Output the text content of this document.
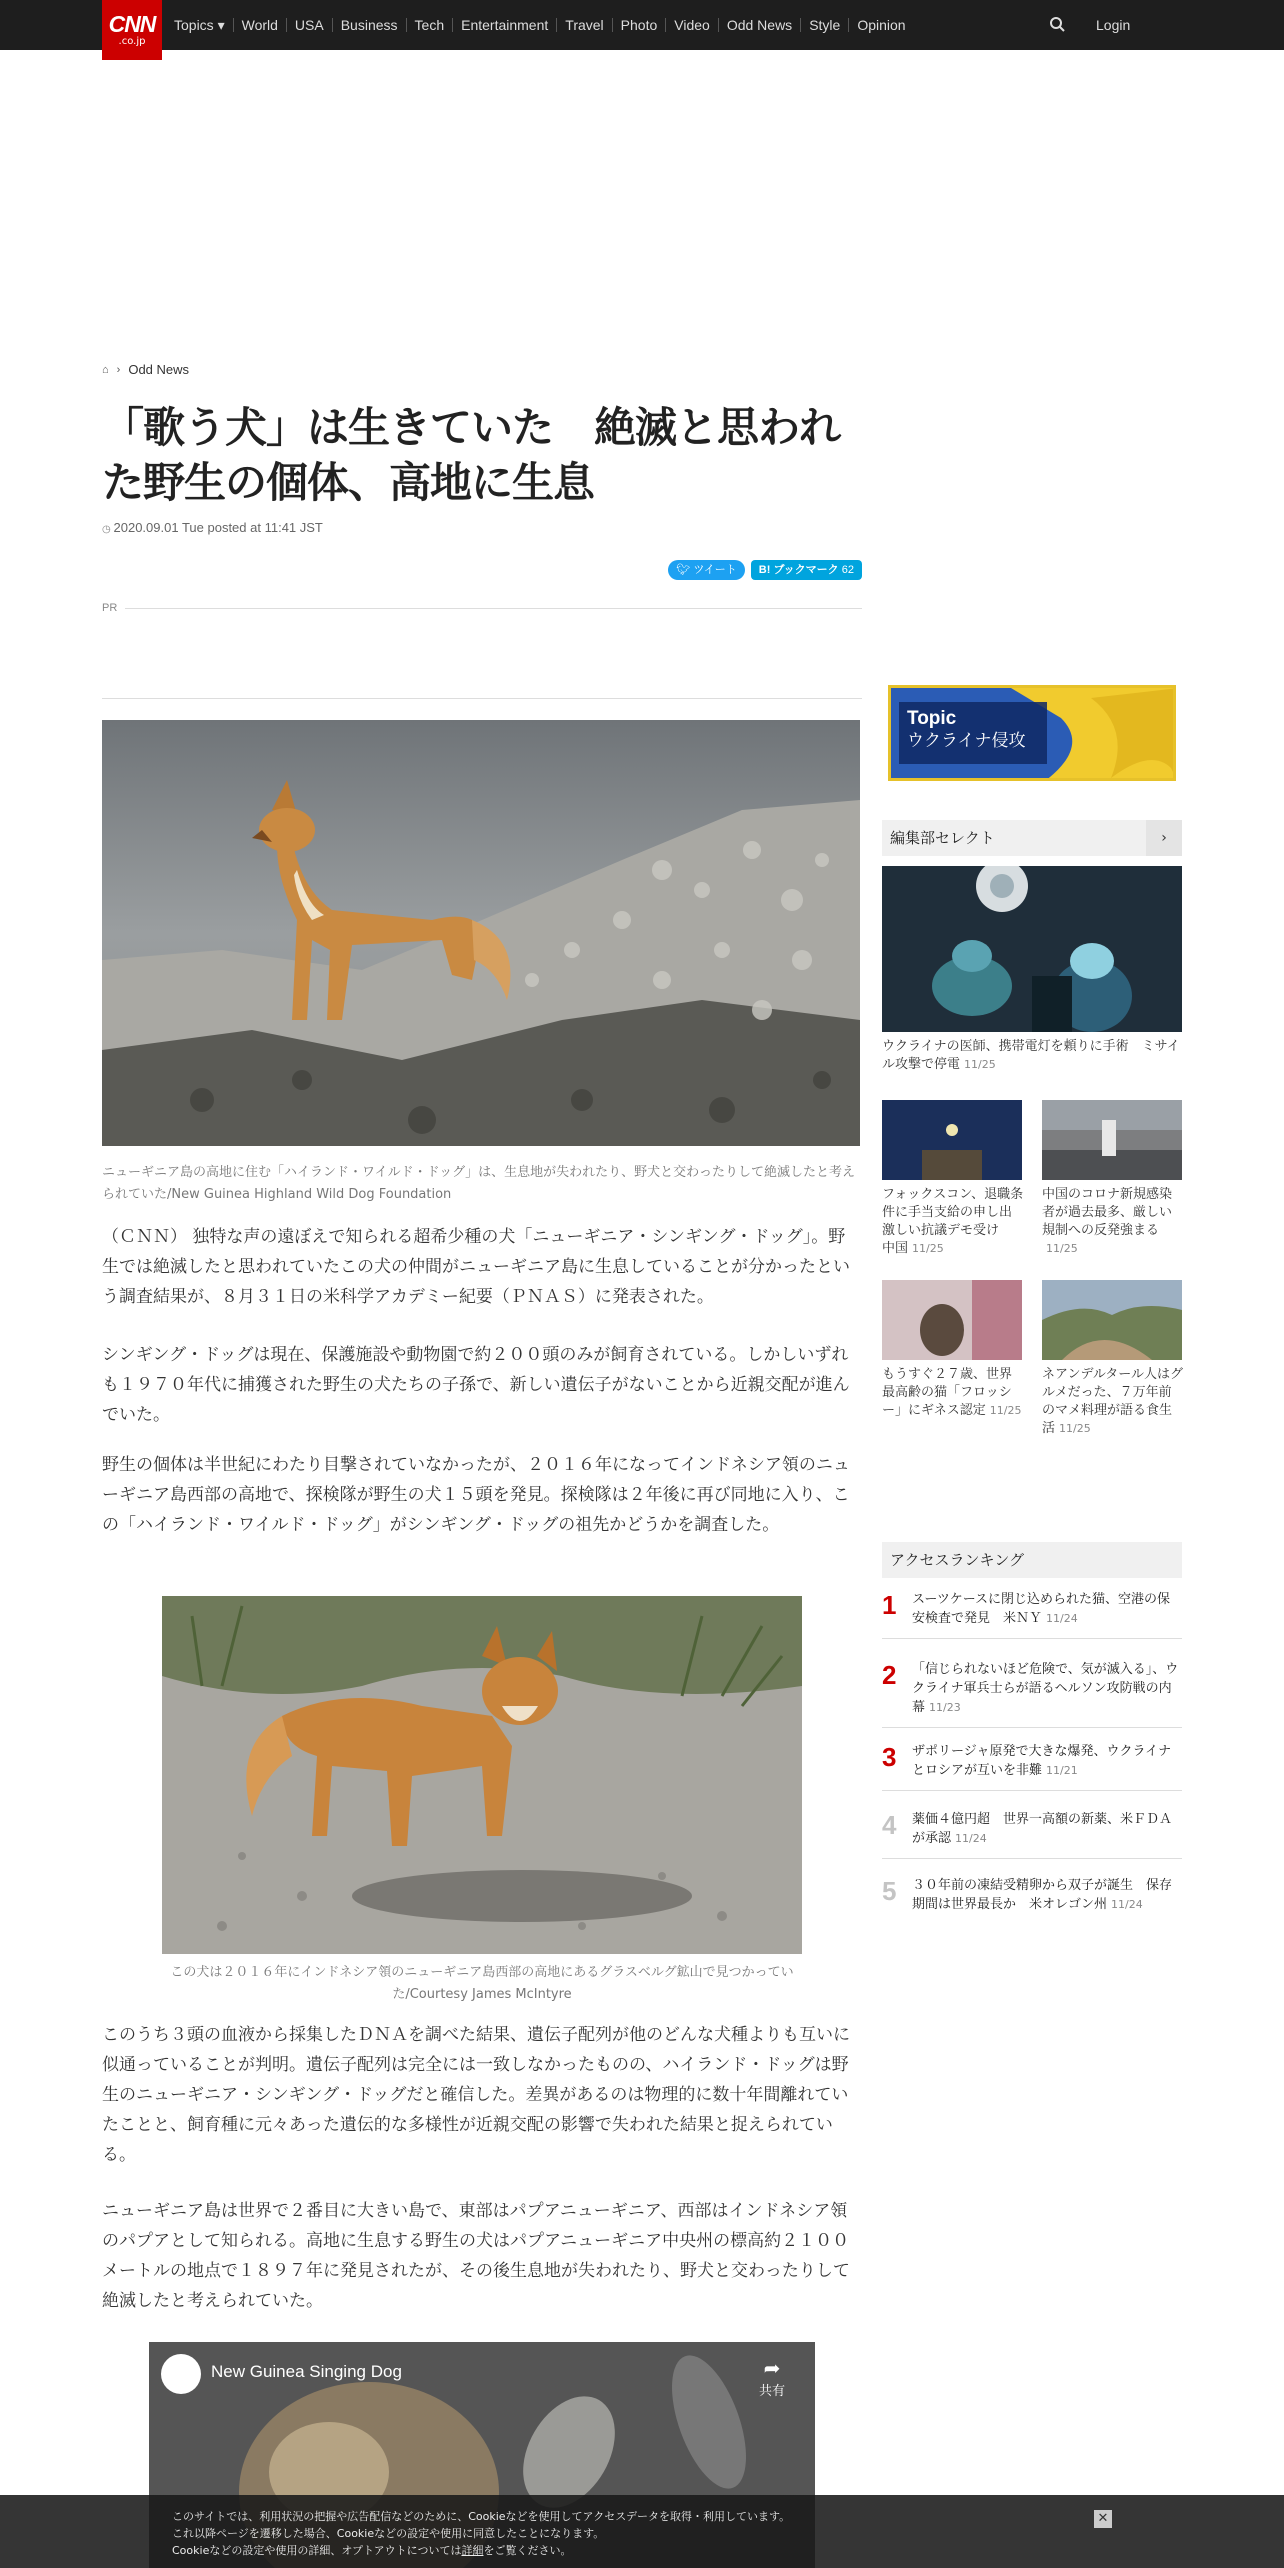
CNN
.co.jp
Topics ▾	World	USA	Business	Tech	Entertainment	Travel	Photo	Video	Odd News	Style	Opinion	Login
⌂ › Odd News
「歌う犬」は生きていた　絶滅と思われた野生の個体、高地に生息
◷ 2020.09.01 Tue posted at 11:41 JST
🐦︎ ツイート	B! ブックマーク 62
PR
ニューギニア島の高地に住む「ハイランド・ワイルド・ドッグ」は、生息地が失われたり、野犬と交わったりして絶滅したと考えられていた/New Guinea Highland Wild Dog Foundation

（ＣＮＮ） 独特な声の遠ぼえで知られる超希少種の犬「ニューギニア・シンギング・ドッグ」。野生では絶滅したと思われていたこの犬の仲間がニューギニア島に生息していることが分かったという調査結果が、８月３１日の米科学アカデミー紀要（ＰＮＡＳ）に発表された。

シンギング・ドッグは現在、保護施設や動物園で約２００頭のみが飼育されている。しかしいずれも１９７０年代に捕獲された野生の犬たちの子孫で、新しい遺伝子がないことから近親交配が進んでいた。

野生の個体は半世紀にわたり目撃されていなかったが、２０１６年になってインドネシア領のニューギニア島西部の高地で、探検隊が野生の犬１５頭を発見。探検隊は２年後に再び同地に入り、この「ハイランド・ワイルド・ドッグ」がシンギング・ドッグの祖先かどうかを調査した。

この犬は２０１６年にインドネシア領のニューギニア島西部の高地にあるグラスベルグ鉱山で見つかっていた/Courtesy James McIntyre

このうち３頭の血液から採集したＤＮＡを調べた結果、遺伝子配列が他のどんな犬種よりも互いに似通っていることが判明。遺伝子配列は完全には一致しなかったものの、ハイランド・ドッグは野生のニューギニア・シンギング・ドッグだと確信した。差異があるのは物理的に数十年間離れていたことと、飼育種に元々あった遺伝的な多様性が近親交配の影響で失われた結果と捉えられている。

ニューギニア島は世界で２番目に大きい島で、東部はパプアニューギニア、西部はインドネシア領のパプアとして知られる。高地に生息する野生の犬はパプアニューギニア中央州の標高約２１００メートルの地点で１８９７年に発見されたが、その後生息地が失われたり、野犬と交わったりして絶滅したと考えられていた。

New Guinea Singing Dog	➦
共有
Topic
ウクライナ侵攻
編集部セレクト	›
ウクライナの医師、携帯電灯を頼りに手術　ミサイル攻撃で停電 11/25
フォックスコン、退職条件に手当支給の申し出　激しい抗議デモ受け　中国 11/25
中国のコロナ新規感染者が過去最多、厳しい規制への反発強まる11/25
もうすぐ２７歳、世界最高齢の猫「フロッシー」にギネス認定 11/25
ネアンデルタール人はグルメだった、７万年前のマメ料理が語る食生活 11/25
アクセスランキング
1	スーツケースに閉じ込められた猫、空港の保安検査で発見　米ＮＹ 11/24
2	「信じられないほど危険で、気が滅入る」、ウクライナ軍兵士らが語るヘルソン攻防戦の内幕 11/23
3	ザポリージャ原発で大きな爆発、ウクライナとロシアが互いを非難 11/21
4	薬価４億円超　世界一高額の新薬、米ＦＤＡが承認 11/24
5	３０年前の凍結受精卵から双子が誕生　保存期間は世界最長か　米オレゴン州 11/24
このサイトでは、利用状況の把握や広告配信などのために、Cookieなどを使用してアクセスデータを取得・利用しています。
これ以降ページを遷移した場合、Cookieなどの設定や使用に同意したことになります。
Cookieなどの設定や使用の詳細、オプトアウトについては詳細をご覧ください。
✕
